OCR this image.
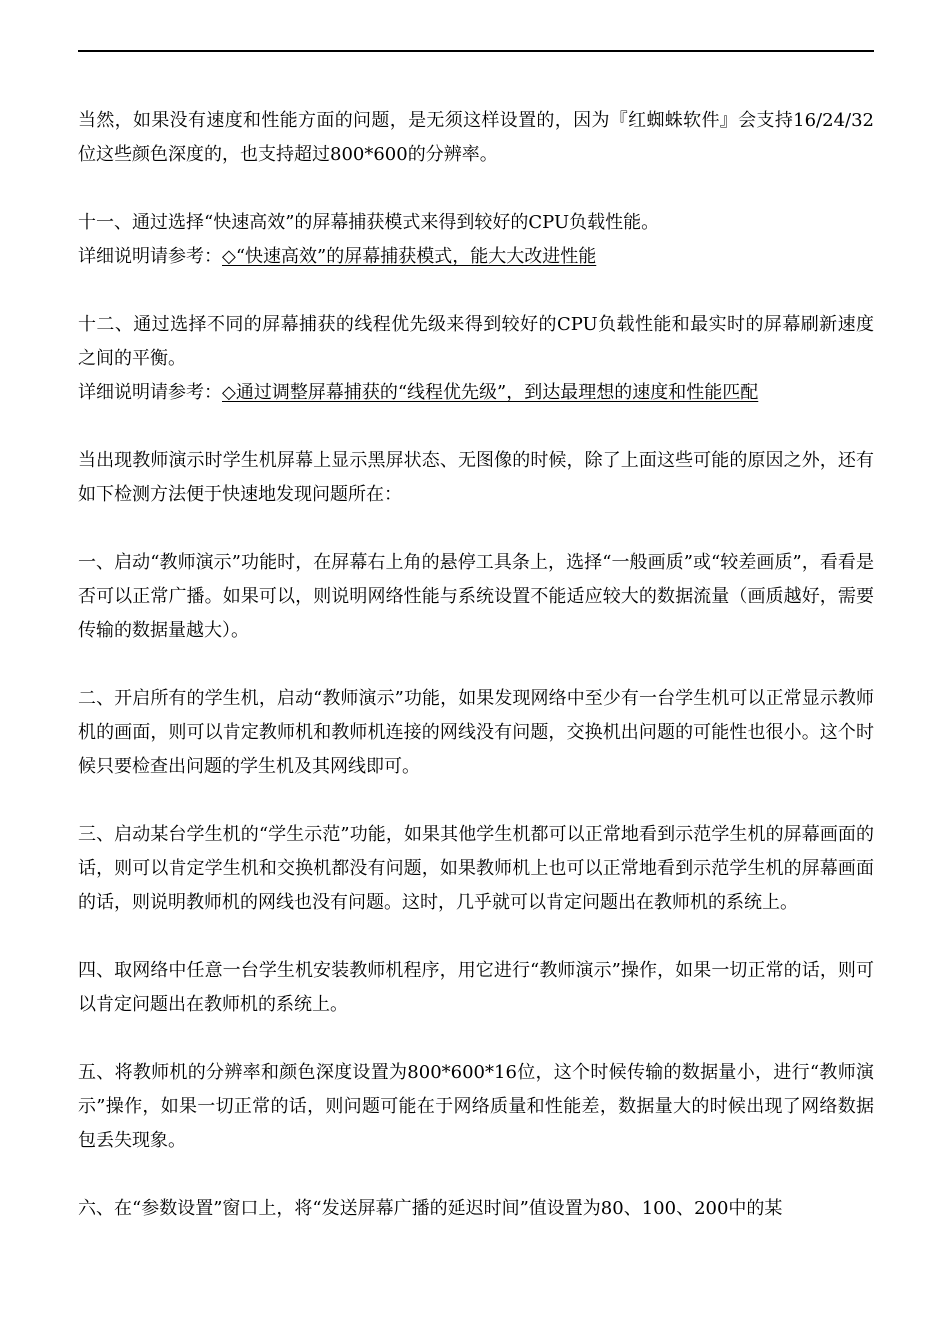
当然，如果没有速度和性能方面的问题，是无须这样设置的，因为『红蜘蛛软件』会支持16/24/32位这些颜色深度的，也支持超过800*600的分辨率。

十一、通过选择“快速高效”的屏幕捕获模式来得到较好的CPU负载性能。
详细说明请参考：◇“快速高效”的屏幕捕获模式，能大大改进性能
十二、通过选择不同的屏幕捕获的线程优先级来得到较好的CPU负载性能和最实时的屏幕刷新速度之间的平衡。
详细说明请参考：◇通过调整屏幕捕获的“线程优先级”，到达最理想的速度和性能匹配

当出现教师演示时学生机屏幕上显示黑屏状态、无图像的时候，除了上面这些可能的原因之外，还有如下检测方法便于快速地发现问题所在：

一、启动“教师演示”功能时，在屏幕右上角的悬停工具条上，选择“一般画质”或“较差画质”，看看是否可以正常广播。如果可以，则说明网络性能与系统设置不能适应较大的数据流量（画质越好，需要传输的数据量越大）。

二、开启所有的学生机，启动“教师演示”功能，如果发现网络中至少有一台学生机可以正常显示教师机的画面，则可以肯定教师机和教师机连接的网线没有问题，交换机出问题的可能性也很小。这个时候只要检查出问题的学生机及其网线即可。

三、启动某台学生机的“学生示范”功能，如果其他学生机都可以正常地看到示范学生机的屏幕画面的话，则可以肯定学生机和交换机都没有问题，如果教师机上也可以正常地看到示范学生机的屏幕画面的话，则说明教师机的网线也没有问题。这时，几乎就可以肯定问题出在教师机的系统上。

四、取网络中任意一台学生机安装教师机程序，用它进行“教师演示”操作，如果一切正常的话，则可以肯定问题出在教师机的系统上。

五、将教师机的分辨率和颜色深度设置为800*600*16位，这个时候传输的数据量小，进行“教师演示”操作，如果一切正常的话，则问题可能在于网络质量和性能差，数据量大的时候出现了网络数据包丢失现象。

六、在“参数设置”窗口上，将“发送屏幕广播的延迟时间”值设置为80、100、200中的某
